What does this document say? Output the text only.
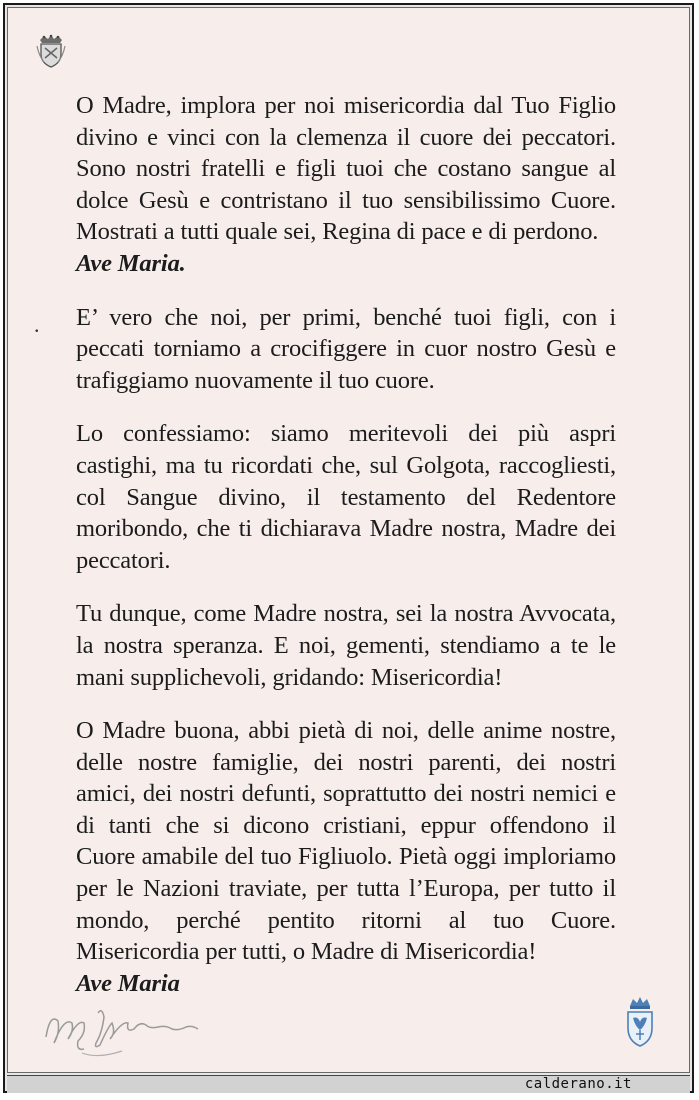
.

O Madre, implora per noi misericordia dal Tuo Figlio divino e vinci con la clemenza il cuore dei peccatori. Sono nostri fratelli e figli tuoi che costano sangue al dolce Gesù e contristano il tuo sensibilissimo Cuore. Mostrati a tutti quale sei, Regina di pace e di perdono.
Ave Maria.

E’ vero che noi, per primi, benché tuoi figli, con i peccati torniamo a crocifiggere in cuor nostro Gesù e trafiggiamo nuovamente il tuo cuore.

Lo confessiamo: siamo meritevoli dei più aspri castighi, ma tu ricordati che, sul Golgota, raccogliesti, col Sangue divino, il testamento del Redentore moribondo, che ti dichiarava Madre nostra, Madre dei peccatori.

Tu dunque, come Madre nostra, sei la nostra Avvocata, la nostra speranza. E noi, gementi, stendiamo a te le mani supplichevoli, gridando: Misericordia!

O Madre buona, abbi pietà di noi, delle anime nostre, delle nostre famiglie, dei nostri parenti, dei nostri amici, dei nostri defunti, soprattutto dei nostri nemici e di tanti che si dicono cristiani, eppur offendono il Cuore amabile del tuo Figliuolo. Pietà oggi imploriamo per le Nazioni traviate, per tutta l’Europa, per tutto il mondo, perché pentito ritorni al tuo Cuore. Misericordia per tutti, o Madre di Misericordia!
Ave Maria

calderano.it
